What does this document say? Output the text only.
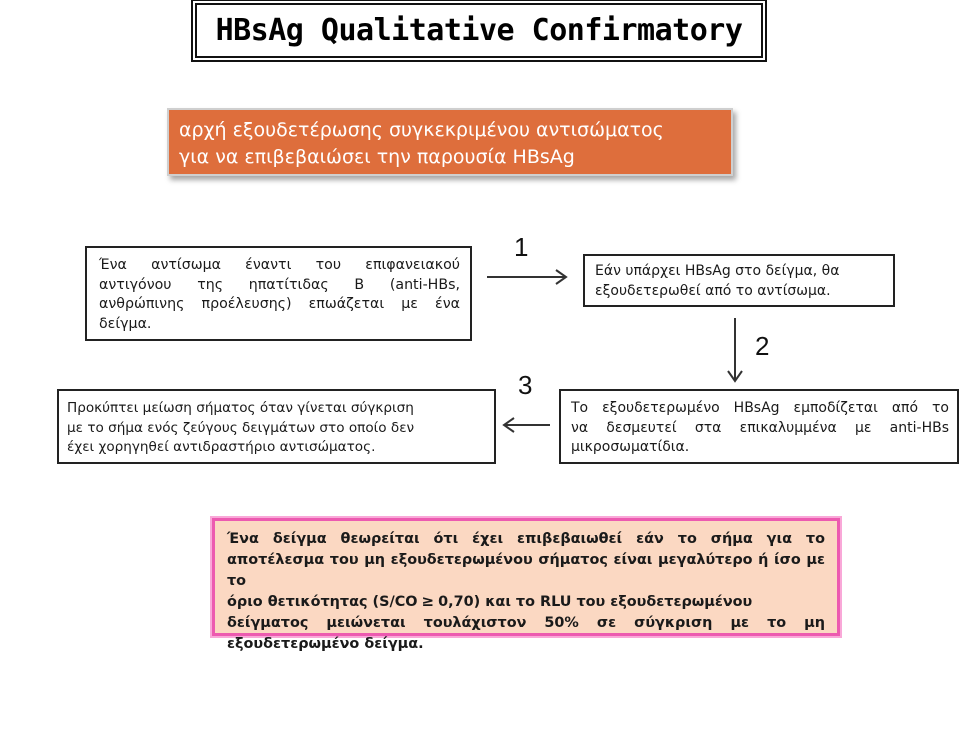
HBsAg Qualitative Confirmatory
αρχή εξουδετέρωσης συγκεκριμένου αντισώματος
για να επιβεβαιώσει την παρουσία HBsAg
Ένα αντίσωμα έναντι του επιφανειακού
αντιγόνου της ηπατίτιδας Β (anti-HBs,
ανθρώπινης προέλευσης) επωάζεται με ένα
δείγμα.
Εάν υπάρχει HBsAg στο δείγμα, θα
εξουδετερωθεί από το αντίσωμα.
Προκύπτει μείωση σήματος όταν γίνεται σύγκριση
με το σήμα ενός ζεύγους δειγμάτων στο οποίο δεν
έχει χορηγηθεί αντιδραστήριο αντισώματος.
Το εξουδετερωμένο HBsAg εμποδίζεται από το
να δεσμευτεί στα επικαλυμμένα με anti-HBs
μικροσωματίδια.
1
2
3
Ένα δείγμα θεωρείται ότι έχει επιβεβαιωθεί εάν το σήμα για το
αποτέλεσμα του μη εξουδετερωμένου σήματος είναι μεγαλύτερο ή ίσο με το
όριο θετικότητας (S/CO ≥ 0,70) και το RLU του εξουδετερωμένου
δείγματος μειώνεται τουλάχιστον 50% σε σύγκριση με το μη
εξουδετερωμένο δείγμα.
